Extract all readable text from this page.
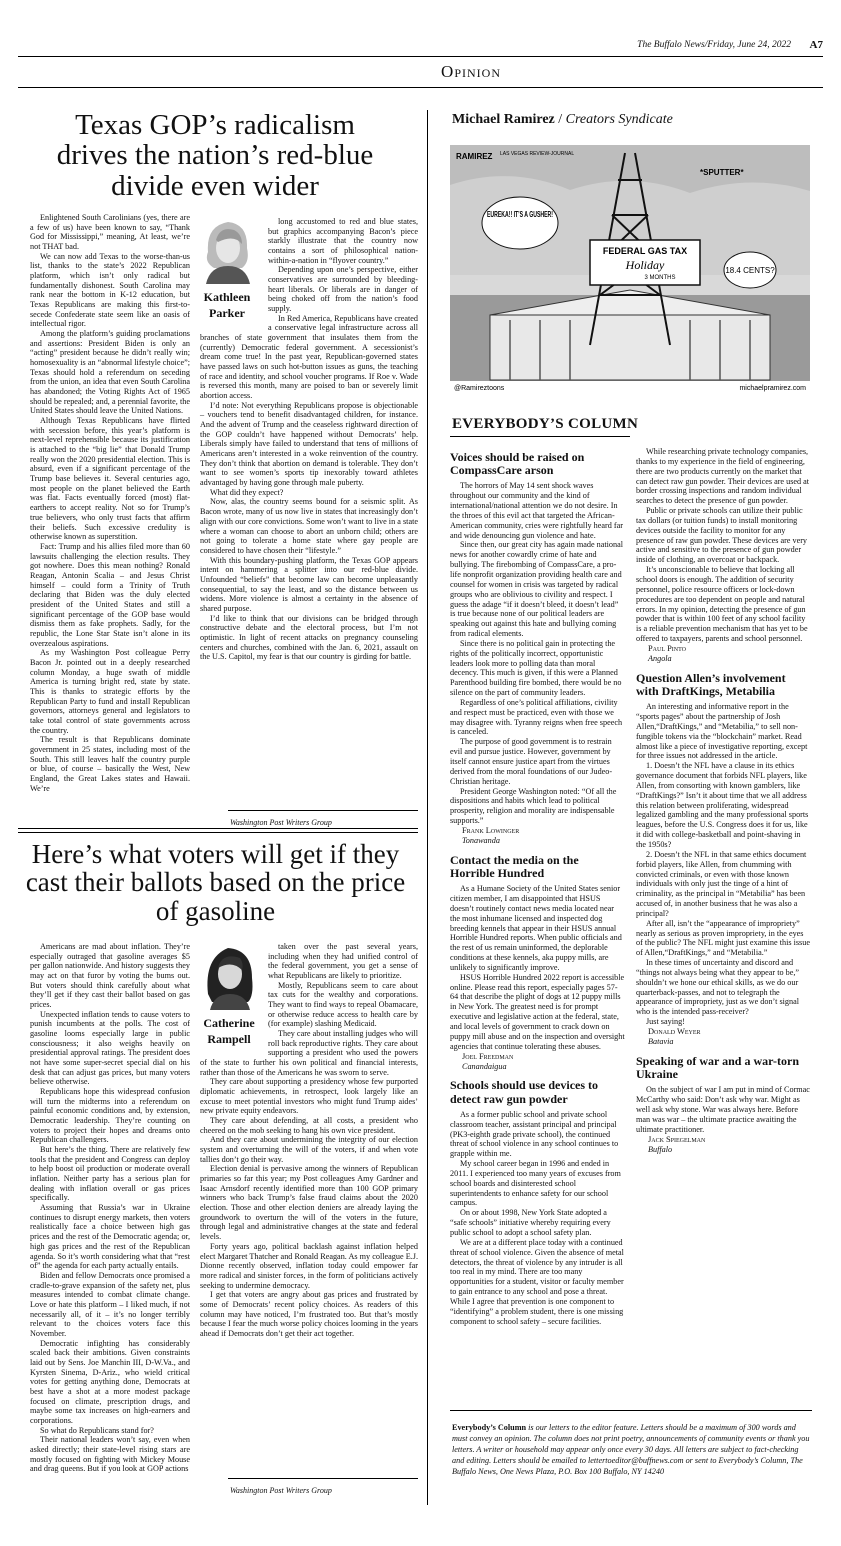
The Buffalo News/Friday, June 24, 2022 A7
Opinion
Texas GOP’s radicalism drives the nation’s red-blue divide even wider
Kathleen
Parker

Enlightened South Carolinians (yes, there are a few of us) have been known to say, “Thank God for Mississippi,” meaning, At least, we’re not THAT bad.

We can now add Texas to the worse-than-us list, thanks to the state’s 2022 Republican platform, which isn’t only radical but fundamentally dishonest. South Carolina may rank near the bottom in K-12 education, but Texas Republicans are making this first-to-secede Confederate state seem like an oasis of intellectual rigor.

Among the platform’s guiding proclamations and assertions: President Biden is only an “acting” president because he didn’t really win; homosexuality is an “abnormal lifestyle choice”; Texas should hold a referendum on seceding from the union, an idea that even South Carolina has abandoned; the Voting Rights Act of 1965 should be repealed; and, a perennial favorite, the United States should leave the United Nations.

Although Texas Republicans have flirted with secession before, this year’s platform is next-level reprehensible because its justification is attached to the “big lie” that Donald Trump really won the 2020 presidential election. This is absurd, even if a significant percentage of the Trump base believes it. Several centuries ago, most people on the planet believed the Earth was flat. Facts eventually forced (most) flat-earthers to accept reality. Not so for Trump’s true believers, who only trust facts that affirm their beliefs. Such excessive credulity is otherwise known as superstition.

Fact: Trump and his allies filed more than 60 lawsuits challenging the election results. They got nowhere. Does this mean nothing? Ronald Reagan, Antonin Scalia – and Jesus Christ himself – could form a Trinity of Truth declaring that Biden was the duly elected president of the United States and still a significant percentage of the GOP base would dismiss them as fake prophets. Sadly, for the republic, the Lone Star State isn’t alone in its overzealous aspirations.

As my Washington Post colleague Perry Bacon Jr. pointed out in a deeply researched column Monday, a huge swath of middle America is turning bright red, state by state. This is thanks to strategic efforts by the Republican Party to fund and install Republican governors, attorneys general and legislators to take total control of state governments across the country.

The result is that Republicans dominate government in 25 states, including most of the South. This still leaves half the country purple or blue, of course – basically the West, New England, the Great Lakes states and Hawaii. We’re

long accustomed to red and blue states, but graphics accompanying Bacon’s piece starkly illustrate that the country now contains a sort of philosophical nation-within-a-nation in “flyover country.”

Depending upon one’s perspective, either conservatives are surrounded by bleeding-heart liberals. Or liberals are in danger of being choked off from the nation’s food supply.

In Red America, Republicans have created a conservative legal infrastructure across all branches of state government that insulates them from the (currently) Democratic federal government. A secessionist’s dream come true! In the past year, Republican-governed states have passed laws on such hot-button issues as guns, the teaching of race and identity, and school voucher programs. If Roe v. Wade is reversed this month, many are poised to ban or severely limit abortion access.

I’d note: Not everything Republicans propose is objectionable – vouchers tend to benefit disadvantaged children, for instance. And the advent of Trump and the ceaseless rightward direction of the GOP couldn’t have happened without Democrats’ help. Liberals simply have failed to understand that tens of millions of Americans aren’t interested in a woke reinvention of the country. They don’t think that abortion on demand is tolerable. They don’t want to see women’s sports tip inexorably toward athletes advantaged by having gone through male puberty.

What did they expect?

Now, alas, the country seems bound for a seismic split. As Bacon wrote, many of us now live in states that increasingly don’t align with our core convictions. Some won’t want to live in a state where a woman can choose to abort an unborn child; others are not going to tolerate a home state where gay people are considered to have chosen their “lifestyle.”

With this boundary-pushing platform, the Texas GOP appears intent on hammering a splitter into our red-blue divide. Unfounded “beliefs” that become law can become unpleasantly consequential, to say the least, and so the distance between us widens. More violence is almost a certainty in the absence of shared purpose.

I’d like to think that our divisions can be bridged through constructive debate and the electoral process, but I’m not optimistic. In light of recent attacks on pregnancy counseling centers and churches, combined with the Jan. 6, 2021, assault on the U.S. Capitol, my fear is that our country is girding for battle.

Washington Post Writers Group
Here’s what voters will get if they cast their ballots based on the price of gasoline
Catherine
Rampell

Americans are mad about inflation. They’re especially outraged that gasoline averages $5 per gallon nationwide. And history suggests they may act on that furor by voting the bums out. But voters should think carefully about what they’ll get if they cast their ballot based on gas prices.

Unexpected inflation tends to cause voters to punish incumbents at the polls. The cost of gasoline looms especially large in public consciousness; it also weighs heavily on presidential approval ratings. The president does not have some super-secret special dial on his desk that can adjust gas prices, but many voters believe otherwise.

Republicans hope this widespread confusion will turn the midterms into a referendum on painful economic conditions and, by extension, Democratic leadership. They’re counting on voters to project their hopes and dreams onto Republican challengers.

But here’s the thing. There are relatively few tools that the president and Congress can deploy to help boost oil production or moderate overall inflation. Neither party has a serious plan for dealing with inflation overall or gas prices specifically.

Assuming that Russia’s war in Ukraine continues to disrupt energy markets, then voters realistically face a choice between high gas prices and the rest of the Democratic agenda; or, high gas prices and the rest of the Republican agenda. So it’s worth considering what that “rest of” the agenda for each party actually entails.

Biden and fellow Democrats once promised a cradle-to-grave expansion of the safety net, plus measures intended to combat climate change. Love or hate this platform – I liked much, if not necessarily all, of it – it’s no longer terribly relevant to the choices voters face this November.

Democratic infighting has considerably scaled back their ambitions. Given constraints laid out by Sens. Joe Manchin III, D-W.Va., and Kyrsten Sinema, D-Ariz., who wield critical votes for getting anything done, Democrats at best have a shot at a more modest package focused on climate, prescription drugs, and maybe some tax increases on high-earners and corporations.

So what do Republicans stand for?

Their national leaders won’t say, even when asked directly; their state-level rising stars are mostly focused on fighting with Mickey Mouse and drag queens. But if you look at GOP actions

taken over the past several years, including when they had unified control of the federal government, you get a sense of what Republicans are likely to prioritize.

Mostly, Republicans seem to care about tax cuts for the wealthy and corporations. They want to find ways to repeal Obamacare, or otherwise reduce access to health care by (for example) slashing Medicaid.

They care about installing judges who will roll back reproductive rights. They care about supporting a president who used the powers of the state to further his own political and financial interests, rather than those of the Americans he was sworn to serve.

They care about supporting a presidency whose few purported diplomatic achievements, in retrospect, look largely like an excuse to meet potential investors who might fund Trump aides’ new private equity endeavors.

They care about defending, at all costs, a president who cheered on the mob seeking to hang his own vice president.

And they care about undermining the integrity of our election system and overturning the will of the voters, if and when vote tallies don’t go their way.

Election denial is pervasive among the winners of Republican primaries so far this year; my Post colleagues Amy Gardner and Isaac Arnsdorf recently identified more than 100 GOP primary winners who back Trump’s false fraud claims about the 2020 election. Those and other election deniers are already laying the groundwork to overturn the will of the voters in the future, through legal and administrative changes at the state and federal levels.

Forty years ago, political backlash against inflation helped elect Margaret Thatcher and Ronald Reagan. As my colleague E.J. Dionne recently observed, inflation today could empower far more radical and sinister forces, in the form of politicians actively seeking to undermine democracy.

I get that voters are angry about gas prices and frustrated by some of Democrats’ recent policy choices. As readers of this column may have noticed, I’m frustrated too. But that’s mostly because I fear the much worse policy choices looming in the years ahead if Democrats don’t get their act together.

Washington Post Writers Group
Michael Ramirez / Creators Syndicate
FEDERAL GAS TAX
Holiday
3 MONTHS
EUREKA!! IT’S A GUSHER!
*SPUTTER*
18.4 CENTS?
RAMIREZ LAS VEGAS REVIEW-JOURNAL
@Ramireztoons	michaelpramirez.com
EVERYBODY’S COLUMN
Voices should be raised on CompassCare arson

The horrors of May 14 sent shock waves throughout our community and the kind of international/national attention we do not desire. In the throes of this evil act that targeted the African-American community, cries were rightfully heard far and wide denouncing gun violence and hate.

Since then, our great city has again made national news for another cowardly crime of hate and bullying. The firebombing of CompassCare, a pro-life nonprofit organization providing health care and counsel for women in crisis was targeted by radical groups who are oblivious to civility and respect. I guess the adage “if it doesn’t bleed, it doesn’t lead” is true because none of our political leaders are speaking out against this hate and bullying coming from radical elements.

Since there is no political gain in protecting the rights of the politically incorrect, opportunistic leaders look more to polling data than moral decency. This much is given, if this were a Planned Parenthood building fire bombed, there would be no silence on the part of community leaders.

Regardless of one’s political affiliations, civility and respect must be practiced, even with those we may disagree with. Tyranny reigns when free speech is canceled.

The purpose of good government is to restrain evil and pursue justice. However, government by itself cannot ensure justice apart from the virtues derived from the moral foundations of our Judeo-Christian heritage.

President George Washington noted: “Of all the dispositions and habits which lead to political prosperity, religion and morality are indispensable supports.”

Frank Lowinger

Tonawanda

Contact the media on the Horrible Hundred

As a Humane Society of the United States senior citizen member, I am disappointed that HSUS doesn’t routinely contact news media located near the most inhumane licensed and inspected dog breeding kennels that appear in their HSUS annual Horrible Hundred reports. When public officials and the rest of us remain uninformed, the deplorable conditions at these kennels, aka puppy mills, are unlikely to significantly improve.

HSUS Horrible Hundred 2022 report is accessible online. Please read this report, especially pages 57-64 that describe the plight of dogs at 12 puppy mills in New York. The greatest need is for prompt executive and legislative action at the federal, state, and local levels of government to crack down on puppy mill abuse and on the inspection and oversight agencies that continue tolerating these abuses.

Joel Freedman

Canandaigua

Schools should use devices to detect raw gun powder

As a former public school and private school classroom teacher, assistant principal and principal (PK3-eighth grade private school), the continued threat of school violence in any school continues to grapple within me.

My school career began in 1996 and ended in 2011. I experienced too many years of excuses from school boards and disinterested school superintendents to enhance safety for our school campus.

On or about 1998, New York State adopted a “safe schools” initiative whereby requiring every public school to adopt a school safety plan.

We are at a different place today with a continued threat of school violence. Given the absence of metal detectors, the threat of violence by any intruder is all too real in my mind. There are too many opportunities for a student, visitor or faculty member to gain entrance to any school and pose a threat. While I agree that prevention is one component to “identifying” a problem student, there is one missing component to school safety – secure facilities.

While researching private technology companies, thanks to my experience in the field of engineering, there are two products currently on the market that can detect raw gun powder. Their devices are used at border crossing inspections and random individual searches to detect the presence of gun powder.

Public or private schools can utilize their public tax dollars (or tuition funds) to install monitoring devices outside the facility to monitor for any presence of raw gun powder. These devices are very active and sensitive to the presence of gun powder inside of clothing, an overcoat or backpack.

It’s unconscionable to believe that locking all school doors is enough. The addition of security personnel, police resource officers or lock-down procedures are too dependent on people and natural errors. In my opinion, detecting the presence of gun powder that is within 100 feet of any school facility is a reliable prevention mechanism that has yet to be offered to taxpayers, parents and school personnel.

Paul Pinto

Angola

Question Allen’s involvement with DraftKings, Metabilia

An interesting and informative report in the “sports pages” about the partnership of Josh Allen,“DraftKings,” and “Metabilia,” to sell non-fungible tokens via the “blockchain” market. Read almost like a piece of investigative reporting, except for three issues not addressed in the article.

1. Doesn’t the NFL have a clause in its ethics governance document that forbids NFL players, like Allen, from consorting with known gamblers, like “DraftKings?” Isn’t it about time that we all address this relation between proliferating, widespread legalized gambling and the many professional sports leagues, before the U.S. Congress does it for us, like it did with college-basketball and point-shaving in the 1950s?

2. Doesn’t the NFL in that same ethics document forbid players, like Allen, from chumming with convicted criminals, or even with those known individuals with only just the tinge of a hint of criminality, as the principal in “Metabilia” has been accused of, in another business that he was also a principal?

After all, isn’t the “appearance of impropriety” nearly as serious as proven impropriety, in the eyes of the public? The NFL might just examine this issue of Allen,“DraftKings,” and “Metabilia.”

In these times of uncertainty and discord and “things not always being what they appear to be,” shouldn’t we hone our ethical skills, as we do our quarterback-passes, and not to telegraph the appearance of impropriety, just as we don’t signal who is the intended pass-receiver?

Just saying!

Donald Weyer

Batavia

Speaking of war and a war-torn Ukraine

On the subject of war I am put in mind of Cormac McCarthy who said: Don’t ask why war. Might as well ask why stone. War was always here. Before man was war – the ultimate practice awaiting the ultimate practitioner.

Jack Spiegelman

Buffalo

Everybody’s Column is our letters to the editor feature. Letters should be a maximum of 300 words and must convey an opinion. The column does not print poetry, announcements of community events or thank you letters. A writer or household may appear only once every 30 days. All letters are subject to fact-checking and editing. Letters should be emailed to lettertoeditor@buffnews.com or sent to Everybody’s Column, The Buffalo News, One News Plaza, P.O. Box 100 Buffalo, NY 14240
